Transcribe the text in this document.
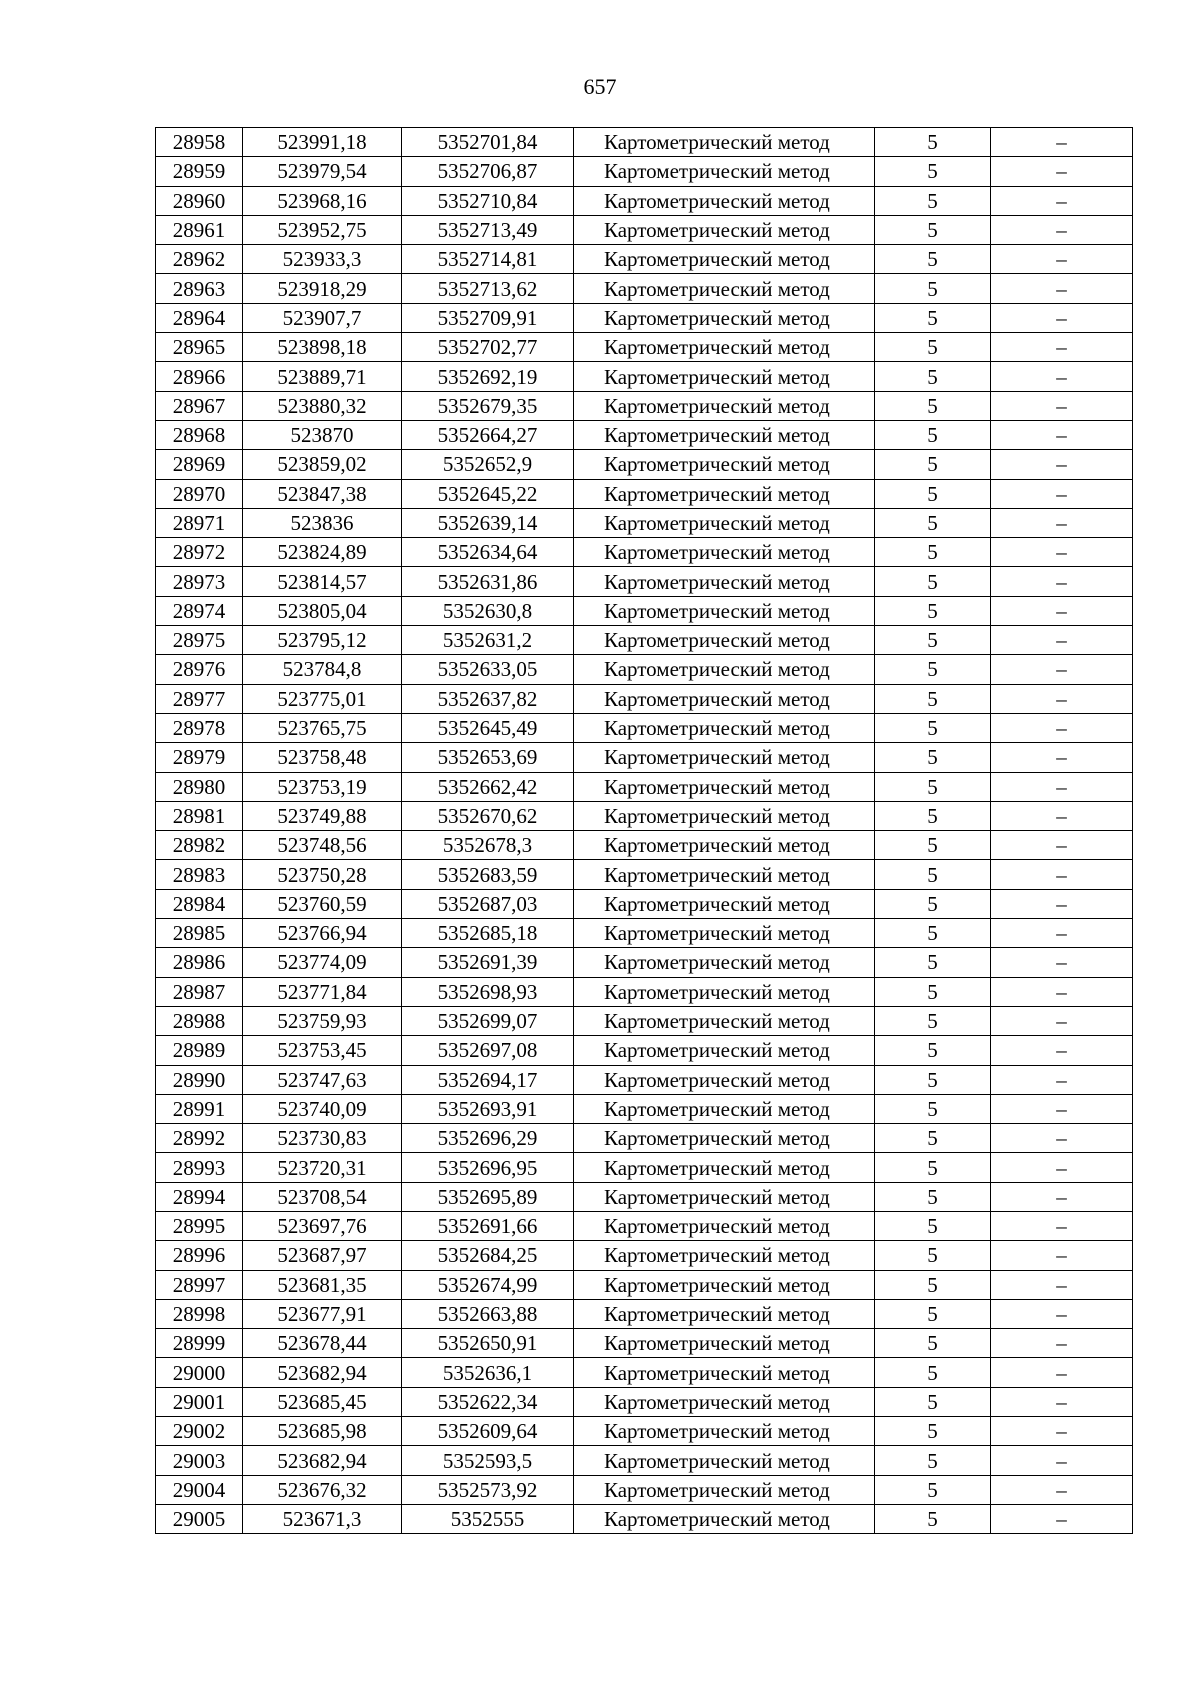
657
28958	523991,18	5352701,84	Картометрический метод	5	–
28959	523979,54	5352706,87	Картометрический метод	5	–
28960	523968,16	5352710,84	Картометрический метод	5	–
28961	523952,75	5352713,49	Картометрический метод	5	–
28962	523933,3	5352714,81	Картометрический метод	5	–
28963	523918,29	5352713,62	Картометрический метод	5	–
28964	523907,7	5352709,91	Картометрический метод	5	–
28965	523898,18	5352702,77	Картометрический метод	5	–
28966	523889,71	5352692,19	Картометрический метод	5	–
28967	523880,32	5352679,35	Картометрический метод	5	–
28968	523870	5352664,27	Картометрический метод	5	–
28969	523859,02	5352652,9	Картометрический метод	5	–
28970	523847,38	5352645,22	Картометрический метод	5	–
28971	523836	5352639,14	Картометрический метод	5	–
28972	523824,89	5352634,64	Картометрический метод	5	–
28973	523814,57	5352631,86	Картометрический метод	5	–
28974	523805,04	5352630,8	Картометрический метод	5	–
28975	523795,12	5352631,2	Картометрический метод	5	–
28976	523784,8	5352633,05	Картометрический метод	5	–
28977	523775,01	5352637,82	Картометрический метод	5	–
28978	523765,75	5352645,49	Картометрический метод	5	–
28979	523758,48	5352653,69	Картометрический метод	5	–
28980	523753,19	5352662,42	Картометрический метод	5	–
28981	523749,88	5352670,62	Картометрический метод	5	–
28982	523748,56	5352678,3	Картометрический метод	5	–
28983	523750,28	5352683,59	Картометрический метод	5	–
28984	523760,59	5352687,03	Картометрический метод	5	–
28985	523766,94	5352685,18	Картометрический метод	5	–
28986	523774,09	5352691,39	Картометрический метод	5	–
28987	523771,84	5352698,93	Картометрический метод	5	–
28988	523759,93	5352699,07	Картометрический метод	5	–
28989	523753,45	5352697,08	Картометрический метод	5	–
28990	523747,63	5352694,17	Картометрический метод	5	–
28991	523740,09	5352693,91	Картометрический метод	5	–
28992	523730,83	5352696,29	Картометрический метод	5	–
28993	523720,31	5352696,95	Картометрический метод	5	–
28994	523708,54	5352695,89	Картометрический метод	5	–
28995	523697,76	5352691,66	Картометрический метод	5	–
28996	523687,97	5352684,25	Картометрический метод	5	–
28997	523681,35	5352674,99	Картометрический метод	5	–
28998	523677,91	5352663,88	Картометрический метод	5	–
28999	523678,44	5352650,91	Картометрический метод	5	–
29000	523682,94	5352636,1	Картометрический метод	5	–
29001	523685,45	5352622,34	Картометрический метод	5	–
29002	523685,98	5352609,64	Картометрический метод	5	–
29003	523682,94	5352593,5	Картометрический метод	5	–
29004	523676,32	5352573,92	Картометрический метод	5	–
29005	523671,3	5352555	Картометрический метод	5	–
